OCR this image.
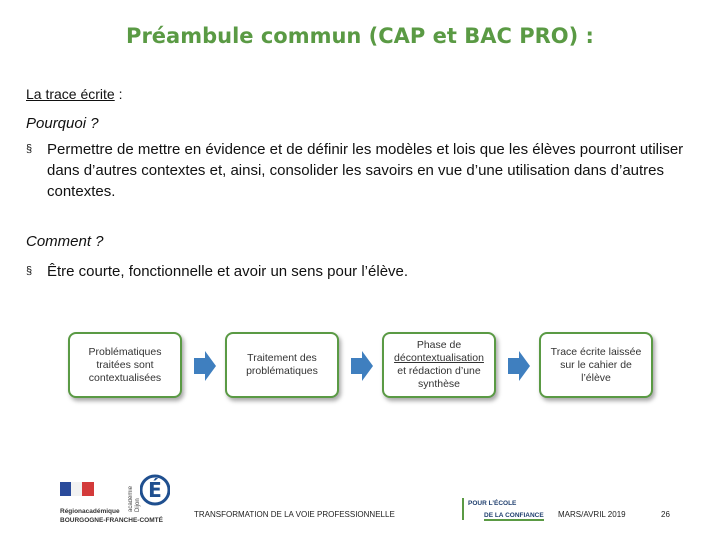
Préambule commun (CAP et BAC PRO) :
La trace écrite :
Pourquoi ?
§ Permettre de mettre en évidence et de définir les modèles et lois que les élèves pourront utiliser dans d’autres contextes et, ainsi, consolider les savoirs en vue d’une utilisation dans d’autres contextes.
Comment ?
§ Être courte, fonctionnelle et avoir un sens pour l’élève.
Problématiques traitées sont contextualisées
Traitement des problématiques
Phase de
décontextualisation
et rédaction d’une synthèse
Trace écrite laissée sur le cahier de l’élève
Régionacadémique
BOURGOGNE-FRANCHE-COMTÉ
académie Dijon
É
TRANSFORMATION DE LA VOIE PROFESSIONNELLE
POUR L’ÉCOLE
DE LA CONFIANCE MARS/AVRIL 2019	26
